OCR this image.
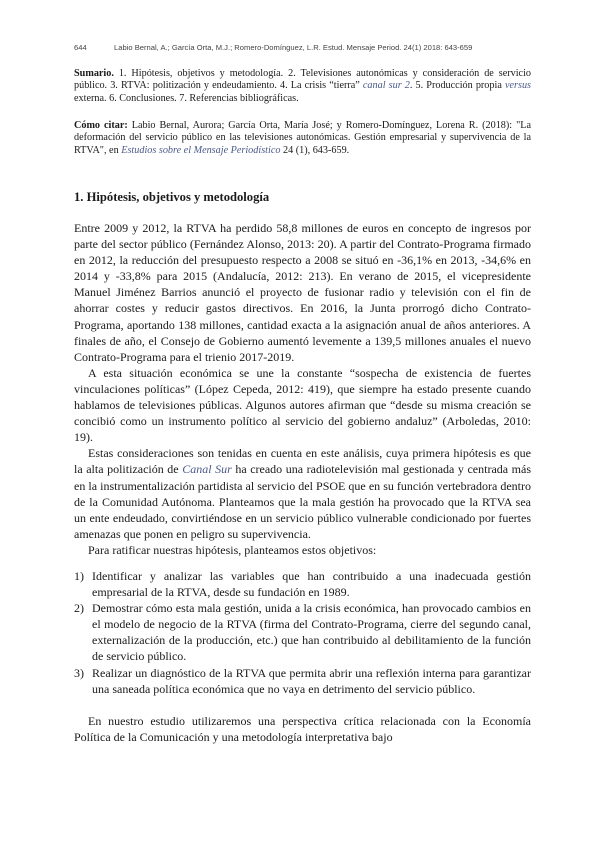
644	Labio Bernal, A.; García Orta, M.J.; Romero-Domínguez, L.R. Estud. Mensaje Period. 24(1) 2018: 643-659
Sumario. 1. Hipótesis, objetivos y metodología. 2. Televisiones autonómicas y consideración de servicio público. 3. RTVA: politización y endeudamiento. 4. La crisis “tierra” canal sur 2. 5. Producción propia versus externa. 6. Conclusiones. 7. Referencias bibliográficas.
Cómo citar: Labio Bernal, Aurora; García Orta, María José; y Romero-Domínguez, Lorena R. (2018): "La deformación del servicio público en las televisiones autonómicas. Gestión empresarial y supervivencia de la RTVA", en Estudios sobre el Mensaje Periodístico 24 (1), 643-659.
1. Hipótesis, objetivos y metodología

Entre 2009 y 2012, la RTVA ha perdido 58,8 millones de euros en concepto de ingresos por parte del sector público (Fernández Alonso, 2013: 20). A partir del Contrato-Programa firmado en 2012, la reducción del presupuesto respecto a 2008 se situó en -36,1% en 2013, -34,6% en 2014 y -33,8% para 2015 (Andalucía, 2012: 213). En verano de 2015, el vicepresidente Manuel Jiménez Barrios anunció el proyecto de fusionar radio y televisión con el fin de ahorrar costes y reducir gastos directivos. En 2016, la Junta prorrogó dicho Contrato-Programa, aportando 138 millones, cantidad exacta a la asignación anual de años anteriores. A finales de año, el Consejo de Gobierno aumentó levemente a 139,5 millones anuales el nuevo Contrato-Programa para el trienio 2017-2019.

A esta situación económica se une la constante “sospecha de existencia de fuertes vinculaciones políticas” (López Cepeda, 2012: 419), que siempre ha estado presente cuando hablamos de televisiones públicas. Algunos autores afirman que “desde su misma creación se concibió como un instrumento político al servicio del gobierno andaluz” (Arboledas, 2010: 19).

Estas consideraciones son tenidas en cuenta en este análisis, cuya primera hipótesis es que la alta politización de Canal Sur ha creado una radiotelevisión mal gestionada y centrada más en la instrumentalización partidista al servicio del PSOE que en su función vertebradora dentro de la Comunidad Autónoma. Planteamos que la mala gestión ha provocado que la RTVA sea un ente endeudado, convirtiéndose en un servicio público vulnerable condicionado por fuertes amenazas que ponen en peligro su supervivencia.

Para ratificar nuestras hipótesis, planteamos estos objetivos:

1) Identificar y analizar las variables que han contribuido a una inadecuada gestión empresarial de la RTVA, desde su fundación en 1989.
2) Demostrar cómo esta mala gestión, unida a la crisis económica, han provocado cambios en el modelo de negocio de la RTVA (firma del Contrato-Programa, cierre del segundo canal, externalización de la producción, etc.) que han contribuido al debilitamiento de la función de servicio público.
3) Realizar un diagnóstico de la RTVA que permita abrir una reflexión interna para garantizar una saneada política económica que no vaya en detrimento del servicio público.

En nuestro estudio utilizaremos una perspectiva crítica relacionada con la Economía Política de la Comunicación y una metodología interpretativa bajo
